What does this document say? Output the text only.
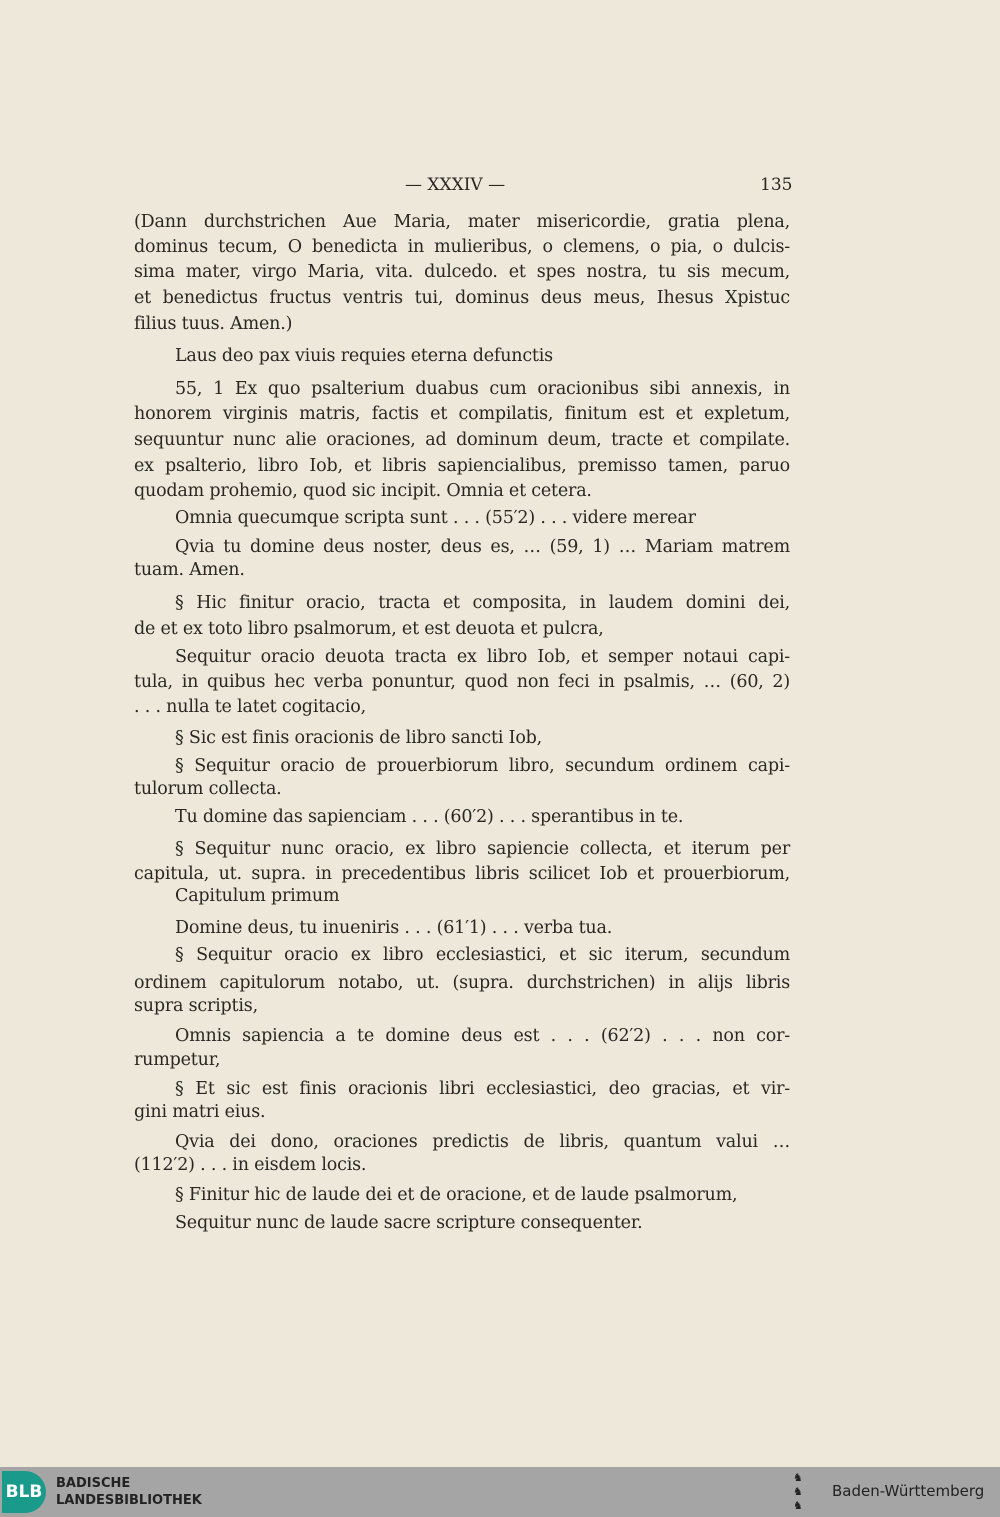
— XXXIV —	135
(Dann durchstrichen Aue Maria, mater misericordie, gratia plena,
dominus tecum, O benedicta in mulieribus, o clemens, o pia, o dulcis-
sima mater, virgo Maria, vita. dulcedo. et spes nostra, tu sis mecum,
et benedictus fructus ventris tui, dominus deus meus, Ihesus Xpistuc
filius tuus. Amen.)
Laus deo pax viuis requies eterna defunctis
55, 1 Ex quo psalterium duabus cum oracionibus sibi annexis, in
honorem virginis matris, factis et compilatis, finitum est et expletum,
sequuntur nunc alie oraciones, ad dominum deum, tracte et compilate.
ex psalterio, libro Iob, et libris sapiencialibus, premisso tamen, paruo
quodam prohemio, quod sic incipit. Omnia et cetera.
Omnia quecumque scripta sunt . . . (55′2) . . . videre merear
Qvia tu domine deus noster, deus es, … (59, 1) … Mariam matrem
tuam. Amen.
§ Hic finitur oracio, tracta et composita, in laudem domini dei,
de et ex toto libro psalmorum, et est deuota et pulcra,
Sequitur oracio deuota tracta ex libro Iob, et semper notaui capi-
tula, in quibus hec verba ponuntur, quod non feci in psalmis, … (60, 2)
. . . nulla te latet cogitacio,
§ Sic est finis oracionis de libro sancti Iob,
§ Sequitur oracio de prouerbiorum libro, secundum ordinem capi-
tulorum collecta.
Tu domine das sapienciam . . . (60′2) . . . sperantibus in te.
§ Sequitur nunc oracio, ex libro sapiencie collecta, et iterum per
capitula, ut. supra. in precedentibus libris scilicet Iob et prouerbiorum,
Capitulum primum
Domine deus, tu inueniris . . . (61′1) . . . verba tua.
§ Sequitur oracio ex libro ecclesiastici, et sic iterum, secundum
ordinem capitulorum notabo, ut. (supra. durchstrichen) in alijs libris
supra scriptis,
Omnis sapiencia a te domine deus est . . . (62′2) . . . non cor-
rumpetur,
§ Et sic est finis oracionis libri ecclesiastici, deo gracias, et vir-
gini matri eius.
Qvia dei dono, oraciones predictis de libris, quantum valui …
(112′2) . . . in eisdem locis.
§ Finitur hic de laude dei et de oracione, et de laude psalmorum,
Sequitur nunc de laude sacre scripture consequenter.
BLB BADISCHE
LANDESBIBLIOTHEK
♞
♞
♞
Baden-Württemberg
